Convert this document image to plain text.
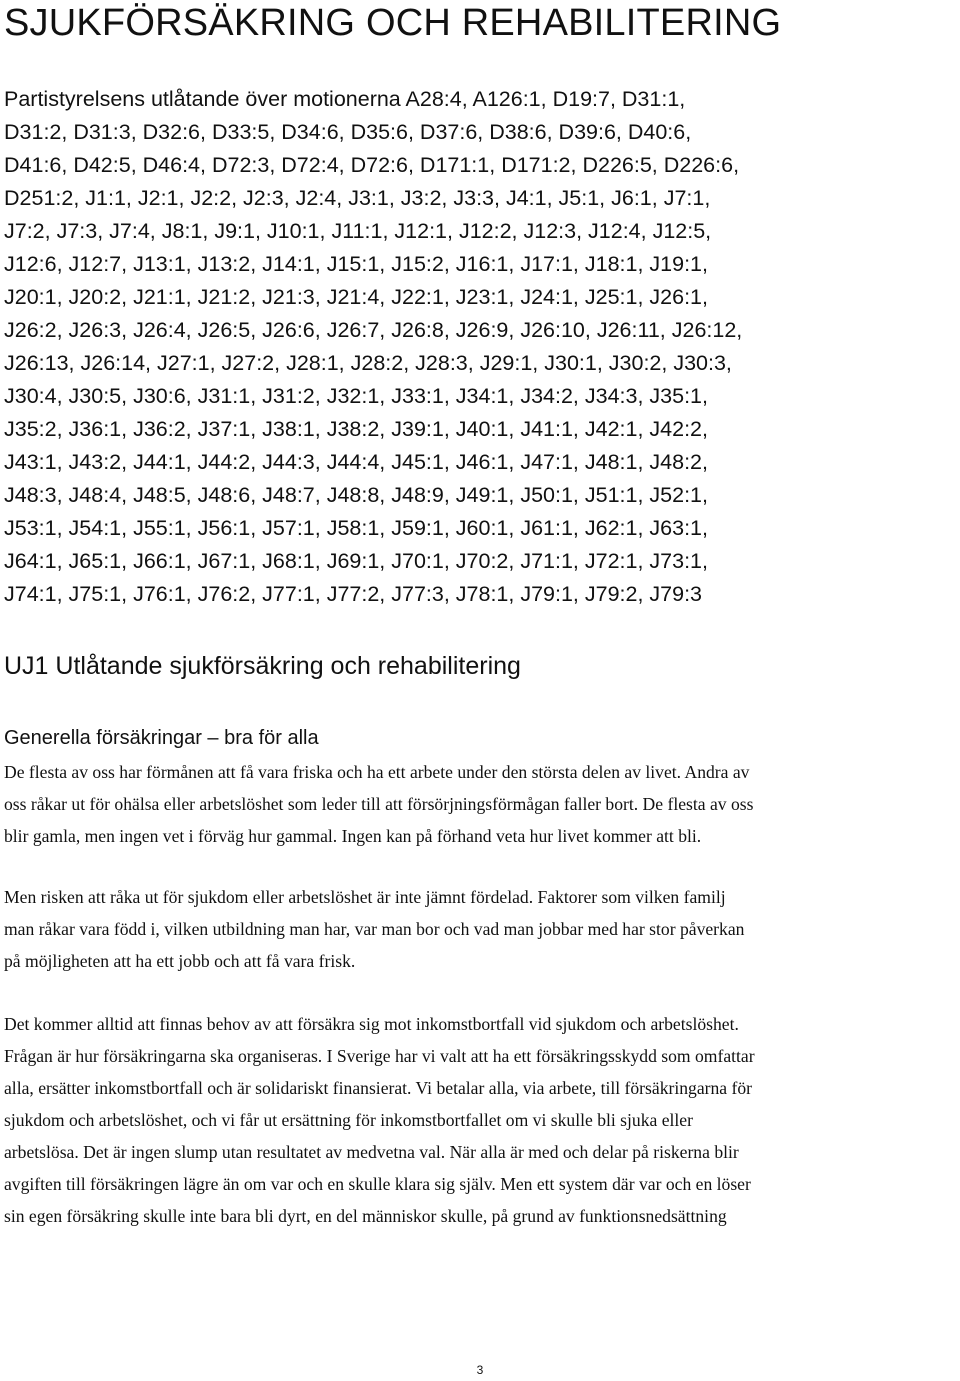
SJUKFÖRSÄKRING OCH REHABILITERING

Partistyrelsens utlåtande över motionerna A28:4, A126:1, D19:7, D31:1,
D31:2, D31:3, D32:6, D33:5, D34:6, D35:6, D37:6, D38:6, D39:6, D40:6,
D41:6, D42:5, D46:4, D72:3, D72:4, D72:6, D171:1, D171:2, D226:5, D226:6,
D251:2, J1:1, J2:1, J2:2, J2:3, J2:4, J3:1, J3:2, J3:3, J4:1, J5:1, J6:1, J7:1,
J7:2, J7:3, J7:4, J8:1, J9:1, J10:1, J11:1, J12:1, J12:2, J12:3, J12:4, J12:5,
J12:6, J12:7, J13:1, J13:2, J14:1, J15:1, J15:2, J16:1, J17:1, J18:1, J19:1,
J20:1, J20:2, J21:1, J21:2, J21:3, J21:4, J22:1, J23:1, J24:1, J25:1, J26:1,
J26:2, J26:3, J26:4, J26:5, J26:6, J26:7, J26:8, J26:9, J26:10, J26:11, J26:12,
J26:13, J26:14, J27:1, J27:2, J28:1, J28:2, J28:3, J29:1, J30:1, J30:2, J30:3,
J30:4, J30:5, J30:6, J31:1, J31:2, J32:1, J33:1, J34:1, J34:2, J34:3, J35:1,
J35:2, J36:1, J36:2, J37:1, J38:1, J38:2, J39:1, J40:1, J41:1, J42:1, J42:2,
J43:1, J43:2, J44:1, J44:2, J44:3, J44:4, J45:1, J46:1, J47:1, J48:1, J48:2,
J48:3, J48:4, J48:5, J48:6, J48:7, J48:8, J48:9, J49:1, J50:1, J51:1, J52:1,
J53:1, J54:1, J55:1, J56:1, J57:1, J58:1, J59:1, J60:1, J61:1, J62:1, J63:1,
J64:1, J65:1, J66:1, J67:1, J68:1, J69:1, J70:1, J70:2, J71:1, J72:1, J73:1,
J74:1, J75:1, J76:1, J76:2, J77:1, J77:2, J77:3, J78:1, J79:1, J79:2, J79:3

UJ1 Utlåtande sjukförsäkring och rehabilitering
Generella försäkringar – bra för alla

De flesta av oss har förmånen att få vara friska och ha ett arbete under den största delen av livet. Andra av
oss råkar ut för ohälsa eller arbetslöshet som leder till att försörjningsförmågan faller bort. De flesta av oss
blir gamla, men ingen vet i förväg hur gammal. Ingen kan på förhand veta hur livet kommer att bli.

Men risken att råka ut för sjukdom eller arbetslöshet är inte jämnt fördelad. Faktorer som vilken familj
man råkar vara född i, vilken utbildning man har, var man bor och vad man jobbar med har stor påverkan
på möjligheten att ha ett jobb och att få vara frisk.

Det kommer alltid att finnas behov av att försäkra sig mot inkomstbortfall vid sjukdom och arbetslöshet.
Frågan är hur försäkringarna ska organiseras. I Sverige har vi valt att ha ett försäkringsskydd som omfattar
alla, ersätter inkomstbortfall och är solidariskt finansierat. Vi betalar alla, via arbete, till försäkringarna för
sjukdom och arbetslöshet, och vi får ut ersättning för inkomstbortfallet om vi skulle bli sjuka eller
arbetslösa. Det är ingen slump utan resultatet av medvetna val. När alla är med och delar på riskerna blir
avgiften till försäkringen lägre än om var och en skulle klara sig själv. Men ett system där var och en löser
sin egen försäkring skulle inte bara bli dyrt, en del människor skulle, på grund av funktionsnedsättning

3
